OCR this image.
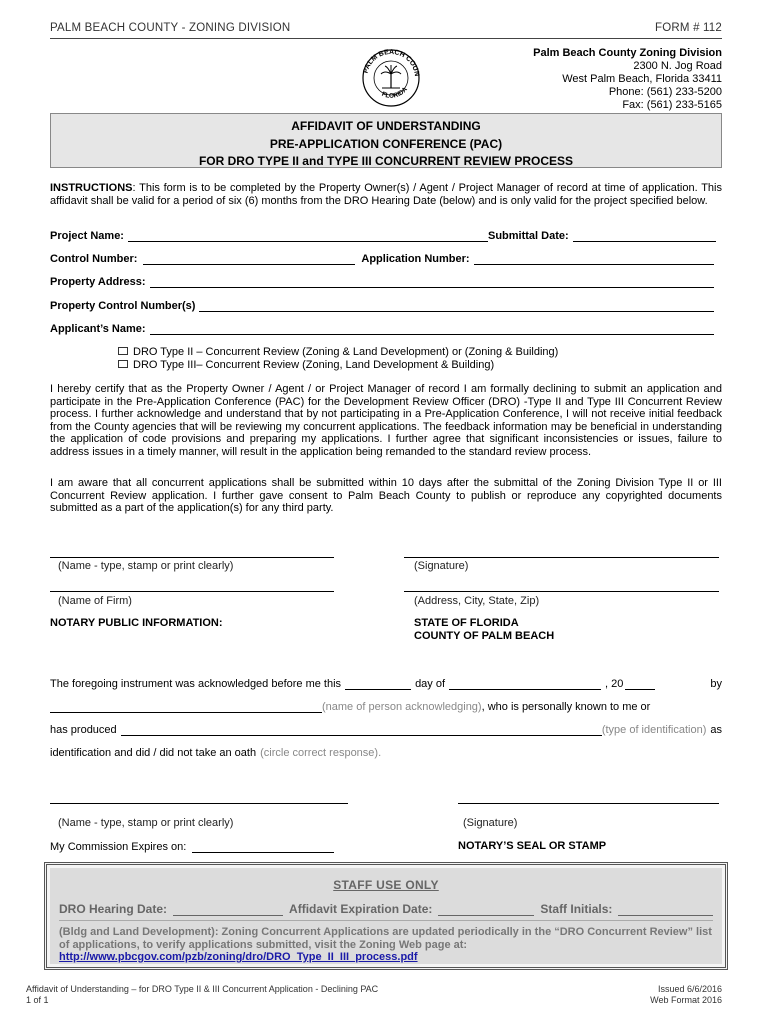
PALM BEACH COUNTY - ZONING DIVISION	FORM # 112
PALM BEACH COUN
FLORIDA
Palm Beach County Zoning Division
2300 N. Jog Road
West Palm Beach, Florida 33411
Phone: (561) 233-5200
Fax: (561) 233-5165
AFFIDAVIT OF UNDERSTANDING
PRE-APPLICATION CONFERENCE (PAC)
FOR DRO TYPE II and TYPE III CONCURRENT REVIEW PROCESS
INSTRUCTIONS: This form is to be completed by the Property Owner(s) / Agent / Project Manager of record at time of application. This affidavit shall be valid for a period of six (6) months from the DRO Hearing Date (below) and is only valid for the project specified below.
Project Name:	Submittal Date:
Control Number:	Application Number:
Property Address:
Property Control Number(s)
Applicant’s Name:
DRO Type II – Concurrent Review (Zoning & Land Development) or (Zoning & Building)
DRO Type III– Concurrent Review (Zoning, Land Development & Building)
I hereby certify that as the Property Owner / Agent / or Project Manager of record I am formally declining to submit an application and participate in the Pre-Application Conference (PAC) for the Development Review Officer (DRO) -Type II and Type III Concurrent Review process. I further acknowledge and understand that by not participating in a Pre-Application Conference, I will not receive initial feedback from the County agencies that will be reviewing my concurrent applications. The feedback information may be beneficial in understanding the application of code provisions and preparing my applications. I further agree that significant inconsistencies or issues, failure to address issues in a timely manner, will result in the application being remanded to the standard review process.
I am aware that all concurrent applications shall be submitted within 10 days after the submittal of the Zoning Division Type II or III Concurrent Review application. I further gave consent to Palm Beach County to publish or reproduce any copyrighted documents submitted as a part of the application(s) for any third party.
(Name - type, stamp or print clearly)	(Signature)
(Name of Firm)	(Address, City, State, Zip)
NOTARY PUBLIC INFORMATION:	STATE OF FLORIDA
COUNTY OF PALM BEACH
The foregoing instrument was acknowledged before me this	day of	, 20	by
(name of person acknowledging) , who is personally known to me or
has produced	(type of identification) as
identification and did / did not take an oath (circle correct response).
(Name - type, stamp or print clearly)	(Signature)
My Commission Expires on:	NOTARY’S SEAL OR STAMP
STAFF USE ONLY
DRO Hearing Date:	Affidavit Expiration Date:	Staff Initials:
(Bldg and Land Development): Zoning Concurrent Applications are updated periodically in the “DRO Concurrent Review” list of applications, to verify applications submitted, visit the Zoning Web page at:
http://www.pbcgov.com/pzb/zoning/dro/DRO_Type_II_III_process.pdf
Affidavit of Understanding – for DRO Type II & III Concurrent Application - Declining PAC
1 of 1
Issued 6/6/2016
Web Format 2016
